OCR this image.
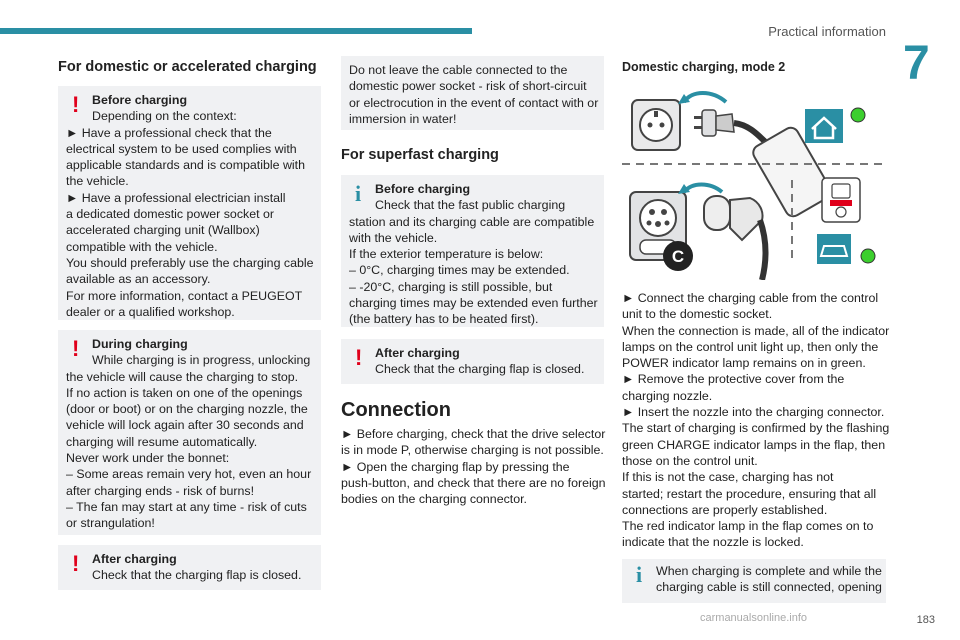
Practical information
7
For domestic or accelerated charging
!	Before charging
Depending on the context:
► Have a professional check that the
electrical system to be used complies with
applicable standards and is compatible with
the vehicle.
► Have a professional electrician install
a dedicated domestic power socket or
accelerated charging unit (Wallbox)
compatible with the vehicle.
You should preferably use the charging cable
available as an accessory.
For more information, contact a PEUGEOT
dealer or a qualified workshop.
!	During charging
While charging is in progress, unlocking
the vehicle will cause the charging to stop.
If no action is taken on one of the openings
(door or boot) or on the charging nozzle, the
vehicle will lock again after 30 seconds and
charging will resume automatically.
Never work under the bonnet:
– Some areas remain very hot, even an hour
after charging ends - risk of burns!
– The fan may start at any time - risk of cuts
or strangulation!
!	After charging
Check that the charging flap is closed.
Do not leave the cable connected to the
domestic power socket - risk of short-circuit
or electrocution in the event of contact with or
immersion in water!
For superfast charging
i	Before charging
Check that the fast public charging
station and its charging cable are compatible
with the vehicle.
If the exterior temperature is below:
– 0°C, charging times may be extended.
– -20°C, charging is still possible, but
charging times may be extended even further
(the battery has to be heated first).
!	After charging
Check that the charging flap is closed.
Connection
► Before charging, check that the drive selector
is in mode P, otherwise charging is not possible.
► Open the charging flap by pressing the
push-button, and check that there are no foreign
bodies on the charging connector.
Domestic charging, mode 2
C
► Connect the charging cable from the control
unit to the domestic socket.
When the connection is made, all of the indicator
lamps on the control unit light up, then only the
POWER indicator lamp remains on in green.
► Remove the protective cover from the
charging nozzle.
► Insert the nozzle into the charging connector.
The start of charging is confirmed by the flashing
green CHARGE indicator lamps in the flap, then
those on the control unit.
If this is not the case, charging has not
started; restart the procedure, ensuring that all
connections are properly established.
The red indicator lamp in the flap comes on to
indicate that the nozzle is locked.
i	When charging is complete and while the
charging cable is still connected, opening
carmanualsonline.info	183
